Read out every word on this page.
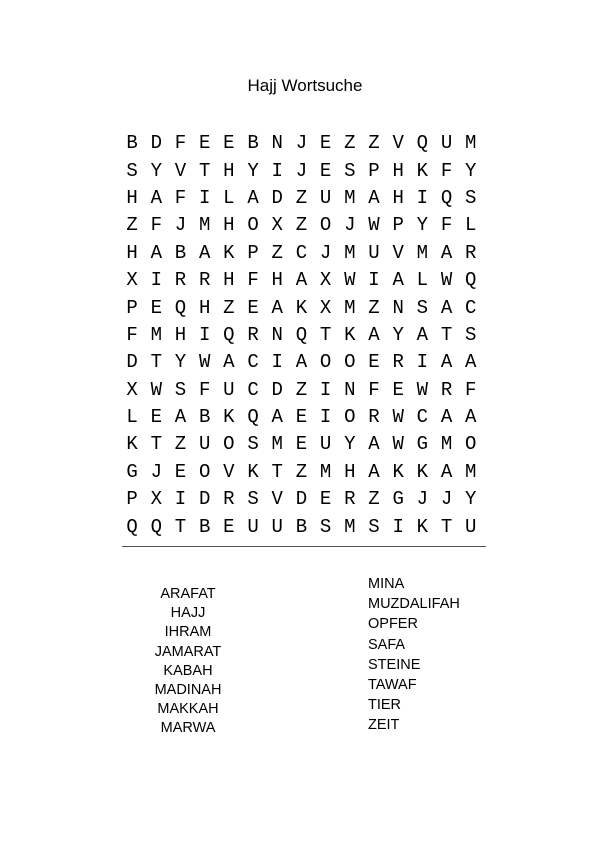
Hajj Wortsuche
B D F E E B N J E Z Z V Q U M
S Y V T H Y I J E S P H K F Y
H A F I L A D Z U M A H I Q S
Z F J M H O X Z O J W P Y F L
H A B A K P Z C J M U V M A R
X I R R H F H A X W I A L W Q
P E Q H Z E A K X M Z N S A C
F M H I Q R N Q T K A Y A T S
D T Y W A C I A O O E R I A A
X W S F U C D Z I N F E W R F
L E A B K Q A E I O R W C A A
K T Z U O S M E U Y A W G M O
G J E O V K T Z M H A K K A M
P X I D R S V D E R Z G J J Y
Q Q T B E U U B S M S I K T U
ARAFAT
HAJJ
IHRAM
JAMARAT
KABAH
MADINAH
MAKKAH
MARWA
MINA
MUZDALIFAH
OPFER
SAFA
STEINE
TAWAF
TIER
ZEIT
